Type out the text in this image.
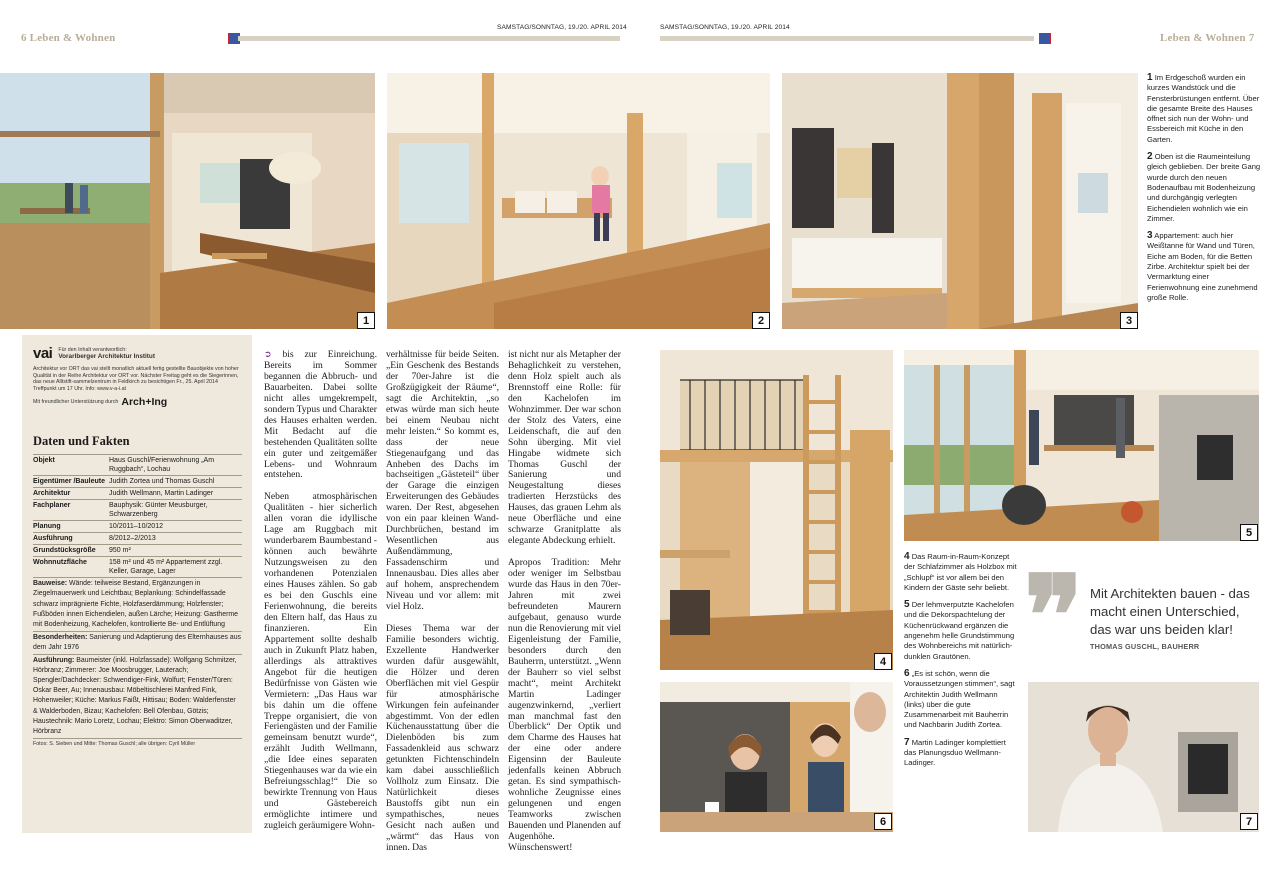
6 Leben & Wohnen
SAMSTAG/SONNTAG, 19./20. APRIL 2014	SAMSTAG/SONNTAG, 19./20. APRIL 2014
Leben & Wohnen 7
1	2	3

1 Im Erdgeschoß wurden ein kurzes Wandstück und die Fensterbrüstungen entfernt. Über die gesamte Breite des Hauses öffnet sich nun der Wohn- und Essbereich mit Küche in den Garten.

2 Oben ist die Raumeinteilung gleich geblieben. Der breite Gang wurde durch den neuen Bodenaufbau mit Bodenheizung und durchgängig verlegten Eichendielen wohnlich wie ein Zimmer.

3 Appartement: auch hier Weißtanne für Wand und Türen, Eiche am Boden, für die Betten Zirbe. Architektur spielt bei der Vermarktung einer Ferienwohnung eine zunehmend große Rolle.

vai Für den Inhalt verantwortlich:
Vorarlberger Architektur Institut
Architektur vor ORT das vai stellt monatlich aktuell fertig gestellte Bauobjekte von hoher Qualität in der Reihe Architektur vor ORT vor. Nächster Freitag geht es die Siegerinnen, das neue Alltstift-sammelzentrum in Feldkirch zu besichtigen Fr., 25. April 2014 Treffpunkt um 17 Uhr. Info: www.v-a-i.at
Mit freundlicher Unterstützung durch Arch+Ing
Daten und Fakten
Objekt	Haus Guschl/Ferienwohnung „Am Ruggbach“, Lochau
Eigentümer /Bauleute Judith Zortea und Thomas Guschl
Architektur	Judith Wellmann, Martin Ladinger
Fachplaner	Bauphysik: Günter Meusburger, Schwarzenberg
Planung	10/2011–10/2012
Ausführung	8/2012–2/2013
Grundstücksgröße	950 m²
Wohnnutzfläche	158 m² und 45 m² Appartement zzgl. Keller, Garage, Lager
Bauweise: Wände: teilweise Bestand, Ergänzungen in Ziegelmauerwerk und Leichtbau; Beplankung: Schindelfassade schwarz imprägnierte Fichte, Holzfaserdämmung; Holzfenster; Fußböden innen Eichendielen, außen Lärche; Heizung: Gastherme mit Bodenheizung, Kachelofen, kontrollierte Be- und Entlüftung
Besonderheiten: Sanierung und Adaptierung des Elternhauses aus dem Jahr 1976
Ausführung: Baumeister (inkl. Holzfassade): Wolfgang Schmitzer, Hörbranz; Zimmerer: Joe Moosbrugger, Lauterach; Spengler/Dachdecker: Schwendiger-Fink, Wolfurt; Fenster/Türen: Oskar Beer, Au; Innenausbau: Möbeltischlerei Manfred Fink, Hohenweiler; Küche: Markus Faißt, Hittisau; Boden: Walderfenster & Walderboden, Bizau; Kachelofen: Bell Ofenbau, Götzis; Haustechnik: Mario Loretz, Lochau; Elektro: Simon Oberwaditzer, Hörbranz
Fotos: S. Sieben und Mitte: Thomas Guschl; alle übrigen: Cyril Müller

➲ bis zur Einreichung. Bereits im Sommer begannen die Abbruch- und Bauarbeiten. Dabei sollte nicht alles umgekrempelt, sondern Typus und Charakter des Hauses erhalten werden. Mit Bedacht auf die bestehenden Qualitäten sollte ein guter und zeitgemäßer Lebens- und Wohnraum entstehen.

Neben atmosphärischen Qualitäten - hier sicherlich allen voran die idyllische Lage am Ruggbach mit wunderbarem Baumbestand - können auch bewährte Nutzungsweisen zu den vorhandenen Potenzialen eines Hauses zählen. So gab es bei den Guschls eine Ferienwohnung, die bereits den Eltern half, das Haus zu finanzieren. Ein Appartement sollte deshalb auch in Zukunft Platz haben, allerdings als attraktives Angebot für die heutigen Bedürfnisse von Gästen wie Vermietern: „Das Haus war bis dahin um die offene Treppe organisiert, die von Feriengästen und der Familie gemeinsam benutzt wurde“, erzählt Judith Wellmann, „die Idee eines separaten Stiegenhauses war da wie ein Befreiungsschlag!“ Die so bewirkte Trennung von Haus und Gästebereich ermöglichte intimere und zugleich geräumigere Wohn-

verhältnisse für beide Seiten. „Ein Geschenk des Bestands der 70er-Jahre ist die Großzügigkeit der Räume“, sagt die Architektin, „so etwas würde man sich heute bei einem Neubau nicht mehr leisten.“ So kommt es, dass der neue Stiegenaufgang und das Anheben des Dachs im bachseitigen „Gästeteil“ über der Garage die einzigen Erweiterungen des Gebäudes waren. Der Rest, abgesehen von ein paar kleinen Wand-Durchbrüchen, bestand im Wesentlichen aus Außendämmung, Fassadenschirm und Innenausbau. Dies alles aber auf hohem, ansprechendem Niveau und vor allem: mit viel Holz.

Dieses Thema war der Familie besonders wichtig. Exzellente Handwerker wurden dafür ausgewählt, die Hölzer und deren Oberflächen mit viel Gespür für atmosphärische Wirkungen fein aufeinander abgestimmt. Von der edlen Küchenausstattung über die Dielenböden bis zum Fassadenkleid aus schwarz getunkten Fichtenschindeln kam dabei ausschließlich Vollholz zum Einsatz. Die Natürlichkeit dieses Baustoffs gibt nun ein sympathisches, neues Gesicht nach außen und „wärmt“ das Haus von innen. Das

ist nicht nur als Metapher der Behaglichkeit zu verstehen, denn Holz spielt auch als Brennstoff eine Rolle: für den Kachelofen im Wohnzimmer. Der war schon der Stolz des Vaters, eine Leidenschaft, die auf den Sohn überging. Mit viel Hingabe widmete sich Thomas Guschl der Sanierung und Neugestaltung dieses tradierten Herzstücks des Hauses, das grauen Lehm als neue Oberfläche und eine schwarze Granitplatte als elegante Abdeckung erhielt.

Apropos Tradition: Mehr oder weniger im Selbstbau wurde das Haus in den 70er-Jahren mit zwei befreundeten Maurern aufgebaut, genauso wurde nun die Renovierung mit viel Eigenleistung der Familie, besonders durch den Bauherrn, unterstützt. „Wenn der Bauherr so viel selbst macht“, meint Architekt Martin Ladinger augenzwinkernd, „verliert man manchmal fast den Überblick“ Der Optik und dem Charme des Hauses hat der eine oder andere Eigensinn der Bauleute jedenfalls keinen Abbruch getan. Es sind sympathisch-wohnliche Zeugnisse eines gelungenen und engen Teamworks zwischen Bauenden und Planenden auf Augenhöhe. Wünschenswert!

4
5
6

4 Das Raum-in-Raum-Konzept der Schlafzimmer als Holzbox mit „Schlupf“ ist vor allem bei den Kindern der Gäste sehr beliebt.

5 Der lehmverputzte Kachelofen und die Dekorspachtelung der Küchenrückwand ergänzen die angenehm helle Grundstimmung des Wohnbereichs mit natürlich-dunklen Grautönen.

6 „Es ist schön, wenn die Voraussetzungen stimmen“, sagt Architektin Judith Wellmann (links) über die gute Zusammenarbeit mit Bauherrin und Nachbarin Judith Zortea.

7 Martin Ladinger komplettiert das Planungsduo Wellmann-Ladinger.

❞ Mit Architekten bauen - das macht einen Unterschied, das war uns beiden klar!
THOMAS GUSCHL, BAUHERR
7
